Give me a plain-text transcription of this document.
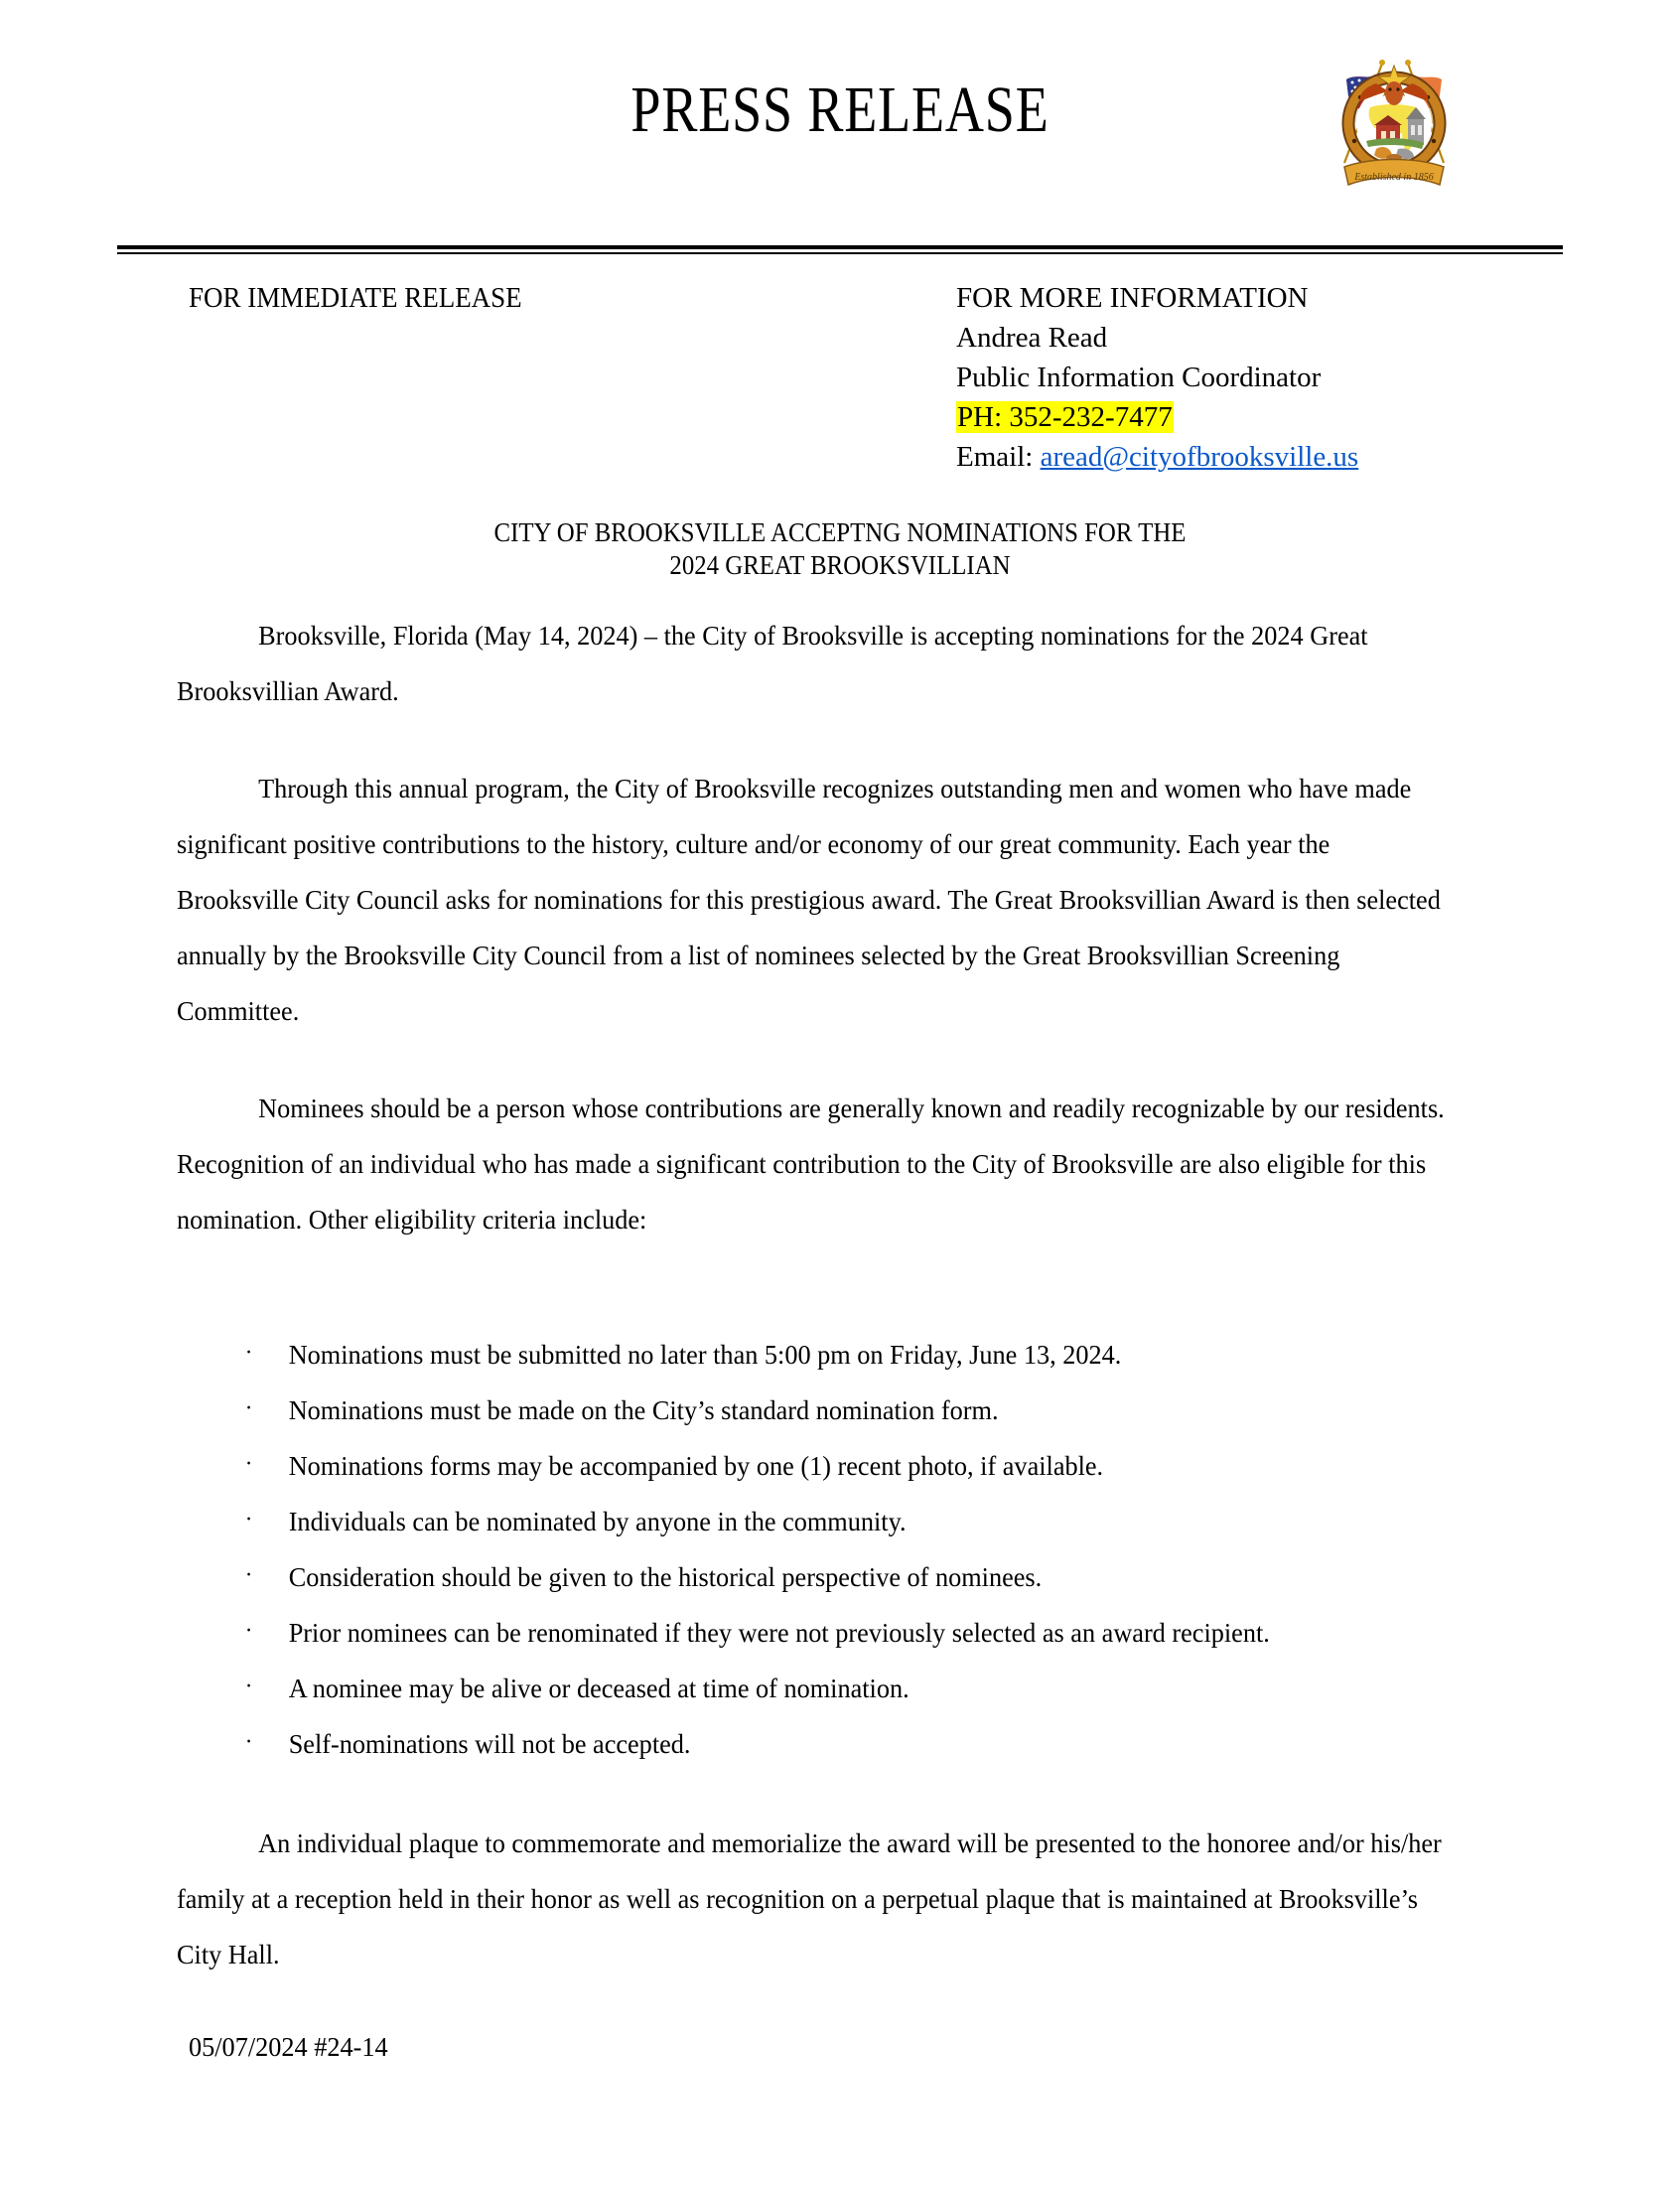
PRESS RELEASE
Established in 1856
FOR IMMEDIATE RELEASE	FOR MORE INFORMATION
Andrea Read
Public Information Coordinator
PH: 352-232-7477
Email: aread@cityofbrooksville.us
CITY OF BROOKSVILLE ACCEPTNG NOMINATIONS FOR THE
2024 GREAT BROOKSVILLIAN

Brooksville, Florida (May 14, 2024) – the City of Brooksville is accepting nominations for the 2024 Great Brooksvillian Award.

Through this annual program, the City of Brooksville recognizes outstanding men and women who have made significant positive contributions to the history, culture and/or economy of our great community. Each year the Brooksville City Council asks for nominations for this prestigious award. The Great Brooksvillian Award is then selected annually by the Brooksville City Council from a list of nominees selected by the Great Brooksvillian Screening Committee.

Nominees should be a person whose contributions are generally known and readily recognizable by our residents. Recognition of an individual who has made a significant contribution to the City of Brooksville are also eligible for this nomination. Other eligibility criteria include:

· Nominations must be submitted no later than 5:00 pm on Friday, June 13, 2024.
· Nominations must be made on the City’s standard nomination form.
· Nominations forms may be accompanied by one (1) recent photo, if available.
· Individuals can be nominated by anyone in the community.
· Consideration should be given to the historical perspective of nominees.
· Prior nominees can be renominated if they were not previously selected as an award recipient.
· A nominee may be alive or deceased at time of nomination.
· Self-nominations will not be accepted.

An individual plaque to commemorate and memorialize the award will be presented to the honoree and/or his/her family at a reception held in their honor as well as recognition on a perpetual plaque that is maintained at Brooksville’s City Hall.

05/07/2024 #24-14
